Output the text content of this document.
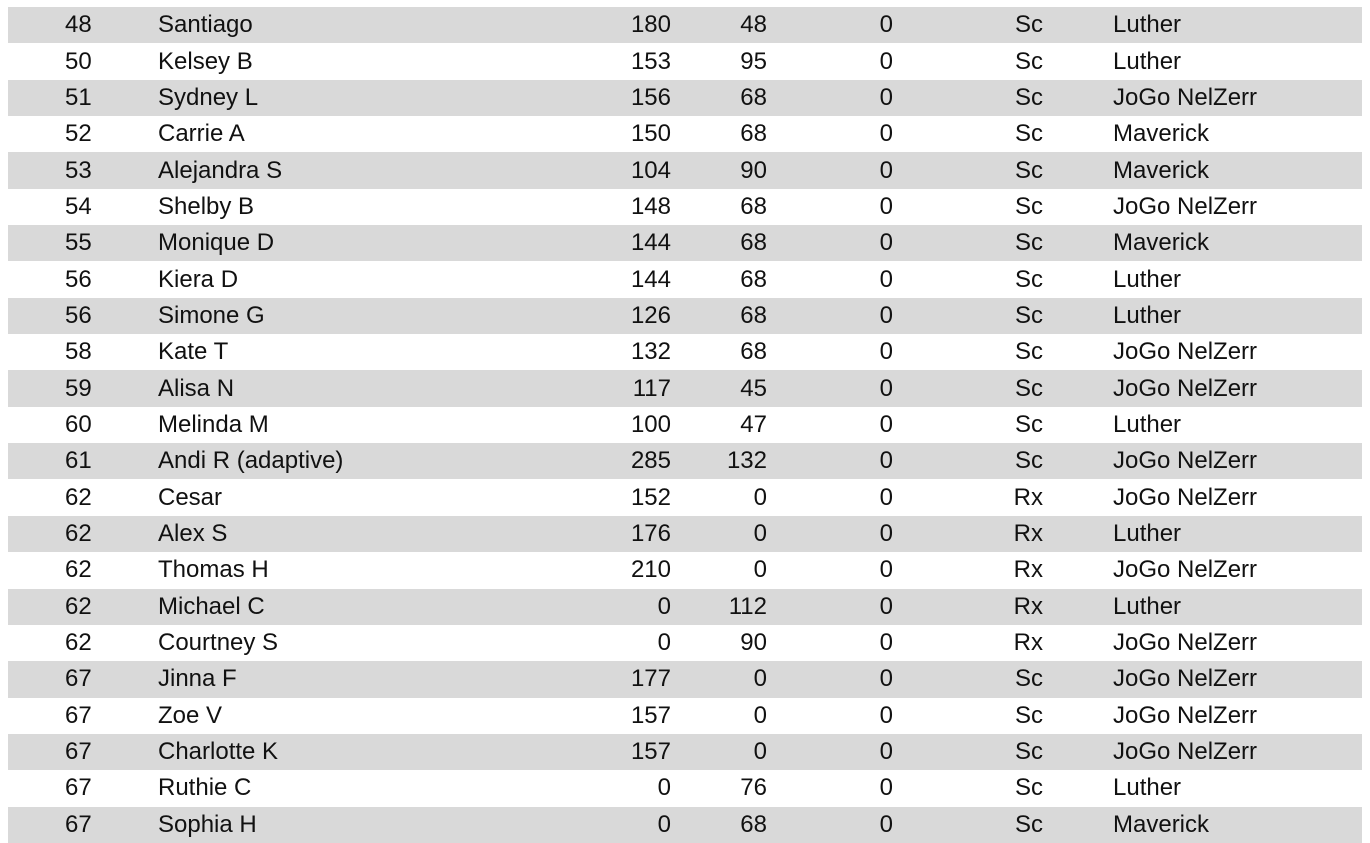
48	Santiago	180	48	0	Sc	Luther
50	Kelsey B	153	95	0	Sc	Luther
51	Sydney L	156	68	0	Sc	JoGo NelZerr
52	Carrie A	150	68	0	Sc	Maverick
53	Alejandra S	104	90	0	Sc	Maverick
54	Shelby B	148	68	0	Sc	JoGo NelZerr
55	Monique D	144	68	0	Sc	Maverick
56	Kiera D	144	68	0	Sc	Luther
56	Simone G	126	68	0	Sc	Luther
58	Kate T	132	68	0	Sc	JoGo NelZerr
59	Alisa N	117	45	0	Sc	JoGo NelZerr
60	Melinda M	100	47	0	Sc	Luther
61	Andi R (adaptive)	285	132	0	Sc	JoGo NelZerr
62	Cesar	152	0	0	Rx	JoGo NelZerr
62	Alex S	176	0	0	Rx	Luther
62	Thomas H	210	0	0	Rx	JoGo NelZerr
62	Michael C	0	112	0	Rx	Luther
62	Courtney S	0	90	0	Rx	JoGo NelZerr
67	Jinna F	177	0	0	Sc	JoGo NelZerr
67	Zoe V	157	0	0	Sc	JoGo NelZerr
67	Charlotte K	157	0	0	Sc	JoGo NelZerr
67	Ruthie C	0	76	0	Sc	Luther
67	Sophia H	0	68	0	Sc	Maverick
